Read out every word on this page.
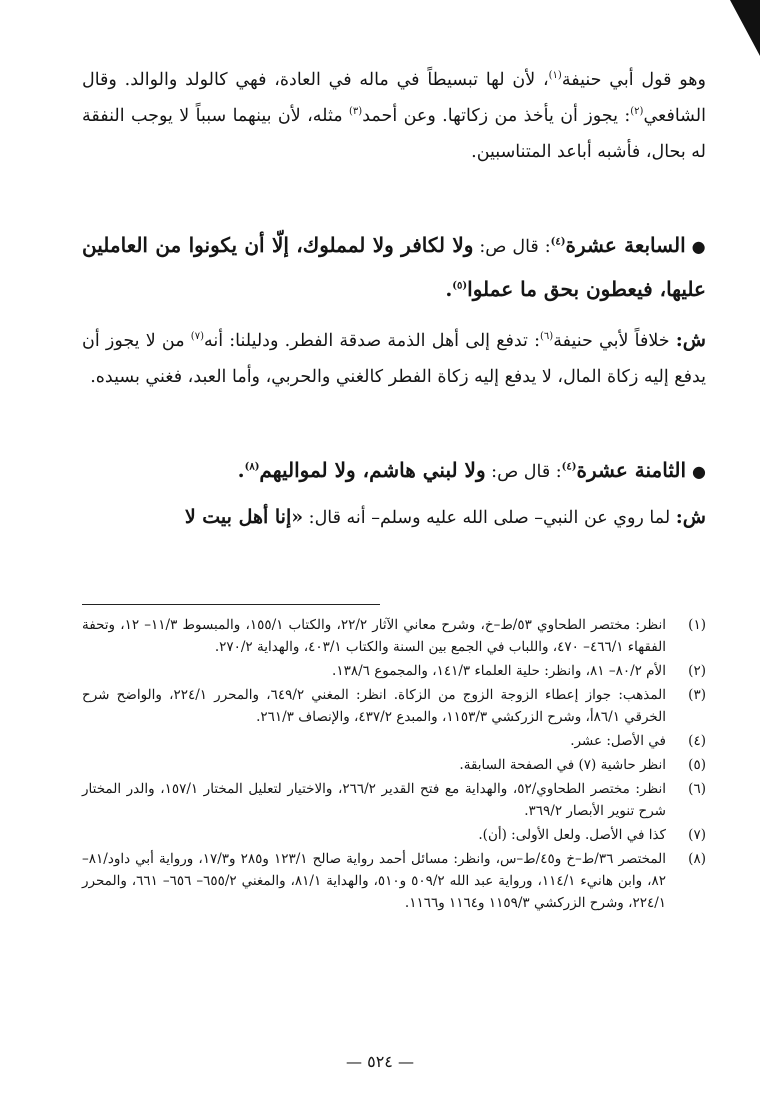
وهو قول أبي حنيفة$^{(١)}$، لأن لها تبسيطاً في ماله في العادة، فهي كالولد والوالد. وقال الشافعي$^{(٢)}$: يجوز أن يأخذ من زكاتها. وعن أحمد$^{(٣)}$ مثله، لأن بينهما سبباً لا يوجب النفقة له بحال، فأشبه أباعد المتناسبين.

●السابعة عشرة$^{(٤)}$: قال ص: ولا لكافر ولا لمملوك، إلّا أن يكونوا من العاملين عليها، فيعطون بحق ما عملوا$^{(٥)}$.

ش: خلافاً لأبي حنيفة$^{(٦)}$: تدفع إلى أهل الذمة صدقة الفطر. ودليلنا: أنه$^{(٧)}$ من لا يجوز أن يدفع إليه زكاة المال، لا يدفع إليه زكاة الفطر كالغني والحربي، وأما العبد، فغني بسيده.

●الثامنة عشرة$^{(٤)}$: قال ص: ولا لبني هاشم، ولا لمواليهم$^{(٨)}$.

ش: لما روي عن النبي– صلى الله عليه وسلم– أنه قال: «إنا أهل بيت لا

(١)
انظر: مختصر الطحاوي ٥٣/ط–خ، وشرح معاني الآثار ٢٢/٢، والكتاب ١٥٥/١، والمبسوط ١١/٣– ١٢، وتحفة الفقهاء ٤٦٦/١– ٤٧٠، واللباب في الجمع بين السنة والكتاب ٤٠٣/١، والهداية ٢٧٠/٢.
(٢)
الأم ٨٠/٢– ٨١، وانظر: حلية العلماء ١٤١/٣، والمجموع ١٣٨/٦.
(٣)
المذهب: جواز إعطاء الزوجة الزوج من الزكاة. انظر: المغني ٦٤٩/٢، والمحرر ٢٢٤/١، والواضح شرح الخرقي ٨٦/١أ، وشرح الزركشي ١١٥٣/٣، والمبدع ٤٣٧/٢، والإنصاف ٢٦١/٣.
(٤)
في الأصل: عشر.
(٥)
انظر حاشية (٧) في الصفحة السابقة.
(٦)
انظر: مختصر الطحاوي/٥٢، والهداية مع فتح القدير ٢٦٦/٢، والاختيار لتعليل المختار ١٥٧/١، والدر المختار شرح تنوير الأبصار ٣٦٩/٢.
(٧)
كذا في الأصل. ولعل الأولى: (أن).
(٨)
المختصر ٣٦/ط–خ و٤٥/ط–س، وانظر: مسائل أحمد رواية صالح ١٢٣/١ و٢٨٥ و١٧/٣، ورواية أبي داود/٨١– ٨٢، وابن هانيء ١١٤/١، ورواية عبد الله ٥٠٩/٢ و٥١٠، والهداية ٨١/١، والمغني ٦٥٥/٢– ٦٥٦– ٦٦١، والمحرر ٢٢٤/١، وشرح الزركشي ١١٥٩/٣ و١١٦٤ و١١٦٦.
— ٥٢٤ —
